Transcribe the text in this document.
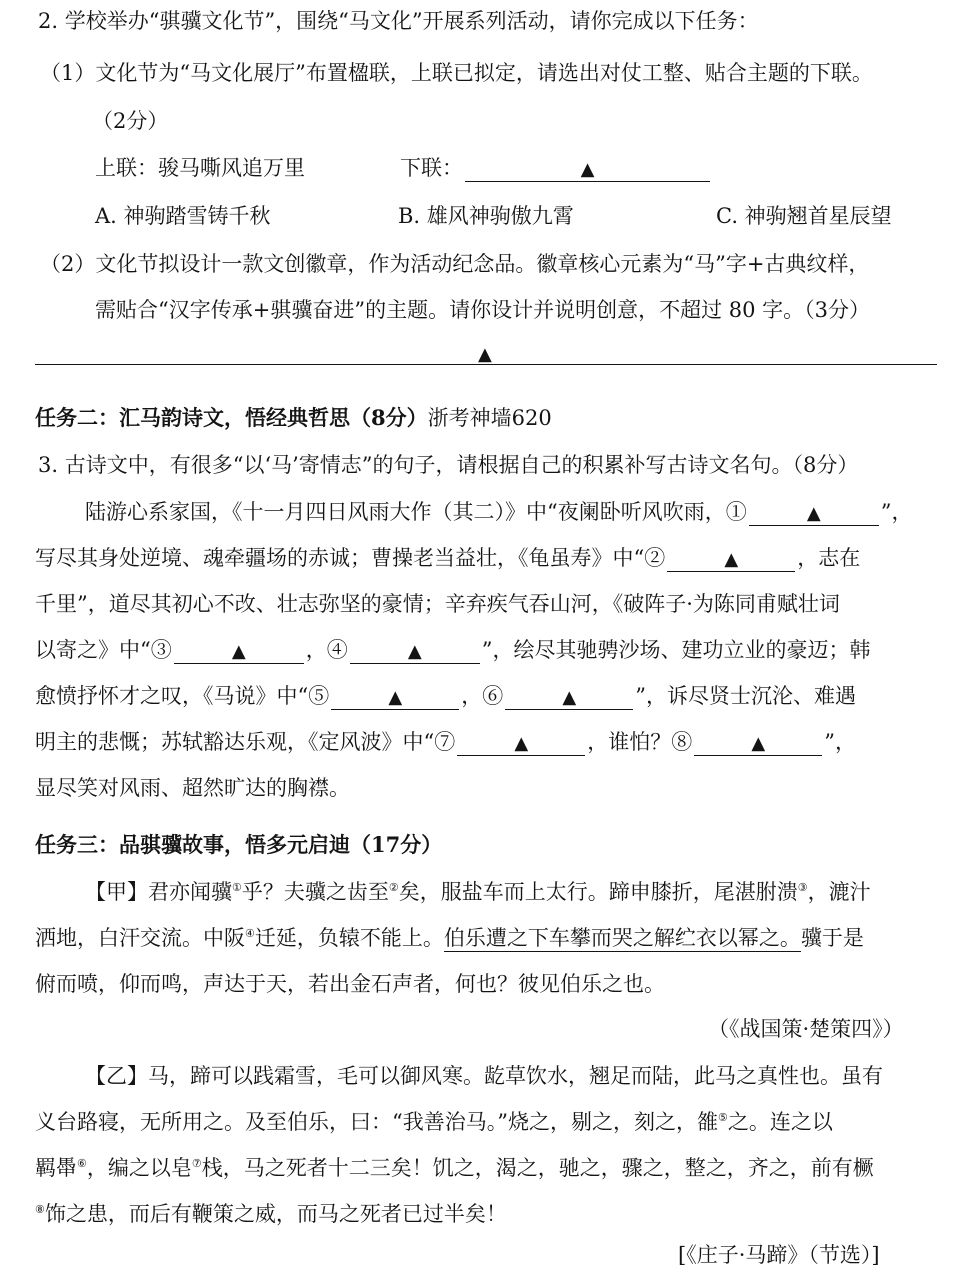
2. 学校举办“骐骥文化节”，围绕“马文化”开展系列活动，请你完成以下任务：
（1）文化节为“马文化展厅”布置楹联，上联已拟定，请选出对仗工整、贴合主题的下联。
（2分）
上联：骏马嘶风追万里	下联：	▲
A. 神驹踏雪铸千秋	B. 雄风神驹傲九霄	C. 神驹翘首星辰望
（2）文化节拟设计一款文创徽章，作为活动纪念品。徽章核心元素为“马”字+古典纹样，
需贴合“汉字传承+骐骥奋进”的主题。请你设计并说明创意，不超过 80 字。（3分）
▲
任务二：汇马韵诗文，悟经典哲思（8分）浙考神墙620
3. 古诗文中，有很多“以‘马’寄情志”的句子，请根据自己的积累补写古诗文名句。（8分）
陆游心系家国，《十一月四日风雨大作（其二）》中“夜阑卧听风吹雨，①	▲	”，
写尽其身处逆境、魂牵疆场的赤诚；曹操老当益壮，《龟虽寿》中“②	▲	，志在
千里”，道尽其初心不改、壮志弥坚的豪情；辛弃疾气吞山河，《破阵子·为陈同甫赋壮词
以寄之》中“③	▲	，④	▲	”，绘尽其驰骋沙场、建功立业的豪迈；韩
愈愤抒怀才之叹，《马说》中“⑤	▲	，⑥	▲	”，诉尽贤士沉沦、难遇
明主的悲慨；苏轼豁达乐观，《定风波》中“⑦	▲	，谁怕？⑧	▲	”，
显尽笑对风雨、超然旷达的胸襟。
任务三：品骐骥故事，悟多元启迪（17分）
【甲】君亦闻骥①乎？夫骥之齿至②矣，服盐车而上太行。蹄申膝折，尾湛胕溃③，漉汁
洒地，白汗交流。中阪④迁延，负辕不能上。伯乐遭之下车攀而哭之解纻衣以幂之。骥于是
俯而喷，仰而鸣，声达于天，若出金石声者，何也？彼见伯乐之也。
（《战国策·楚策四》）
【乙】马，蹄可以践霜雪，毛可以御风寒。龁草饮水，翘足而陆，此马之真性也。虽有
义台路寝，无所用之。及至伯乐，曰：“我善治马。”烧之，剔之，刻之，雒⑤之。连之以
羁馽⑥，编之以皂⑦栈，马之死者十二三矣！饥之，渴之，驰之，骤之，整之，齐之，前有橛
⑧饰之患，而后有鞭策之威，而马之死者已过半矣！
[《庄子·马蹄》（节选）]
